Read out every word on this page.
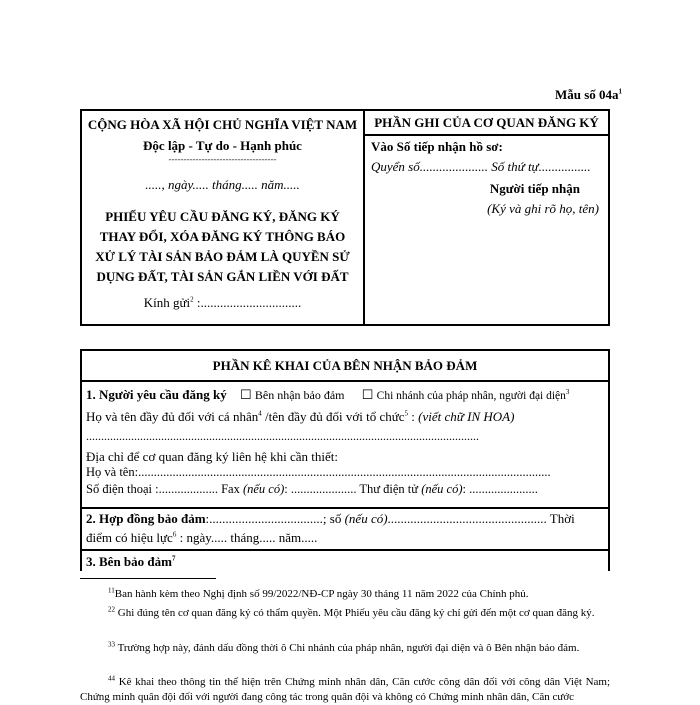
Mẫu số $04a^1$
CỘNG HÒA XÃ HỘI CHỦ NGHĨA VIỆT NAM
Độc lập - Tự do - Hạnh phúc
------------------------------------
....., ngày..... tháng..... năm.....
PHIẾU YÊU CẦU ĐĂNG KÝ, ĐĂNG KÝ THAY ĐỔI, XÓA ĐĂNG KÝ THÔNG BÁO XỬ LÝ TÀI SẢN BẢO ĐẢM LÀ QUYỀN SỬ DỤNG ĐẤT, TÀI SẢN GẮN LIỀN VỚI ĐẤT
Kính gửi$^2$ :...............................
PHẦN GHI CỦA CƠ QUAN ĐĂNG KÝ
Vào Số tiếp nhận hồ sơ:
Quyển số..................... Số thứ tự................
Người tiếp nhận
(Ký và ghi rõ họ, tên)
PHẦN KÊ KHAI CỦA BÊN NHẬN BẢO ĐẢM
1. Người yêu cầu đăng ký ☐ Bên nhận bảo đảm ☐ Chi nhánh của pháp nhân, người đại diện$^3$
Họ và tên đầy đủ đối với cá nhân$^4$ /tên đầy đủ đối với tổ chức$^5$ : (viết chữ IN HOA)
...................................................................................................................................
Địa chỉ để cơ quan đăng ký liên hệ khi cần thiết:
Họ và tên:....................................................................................................................................
Số điện thoại :................... Fax (nếu có): ..................... Thư điện tử (nếu có): ......................
2. Hợp đồng bảo đảm:...................................; số (nếu có)................................................. Thời
điểm có hiệu lực$^6$ : ngày..... tháng..... năm.....
3. Bên bảo đảm$^7$

$^{11}$Ban hành kèm theo Nghị định số 99/2022/NĐ-CP ngày 30 tháng 11 năm 2022 của Chính phủ.

$^{22}$ Ghi đúng tên cơ quan đăng ký có thẩm quyền. Một Phiếu yêu cầu đăng ký chỉ gửi đến một cơ quan đăng ký.

$^{33}$ Trường hợp này, đánh dấu đồng thời ô Chi nhánh của pháp nhân, người đại diện và ô Bên nhận bảo đảm.

$^{44}$ Kê khai theo thông tin thể hiện trên Chứng minh nhân dân, Căn cước công dân đối với công dân Việt Nam; Chứng minh quân đội đối với người đang công tác trong quân đội và không có Chứng minh nhân dân, Căn cước
